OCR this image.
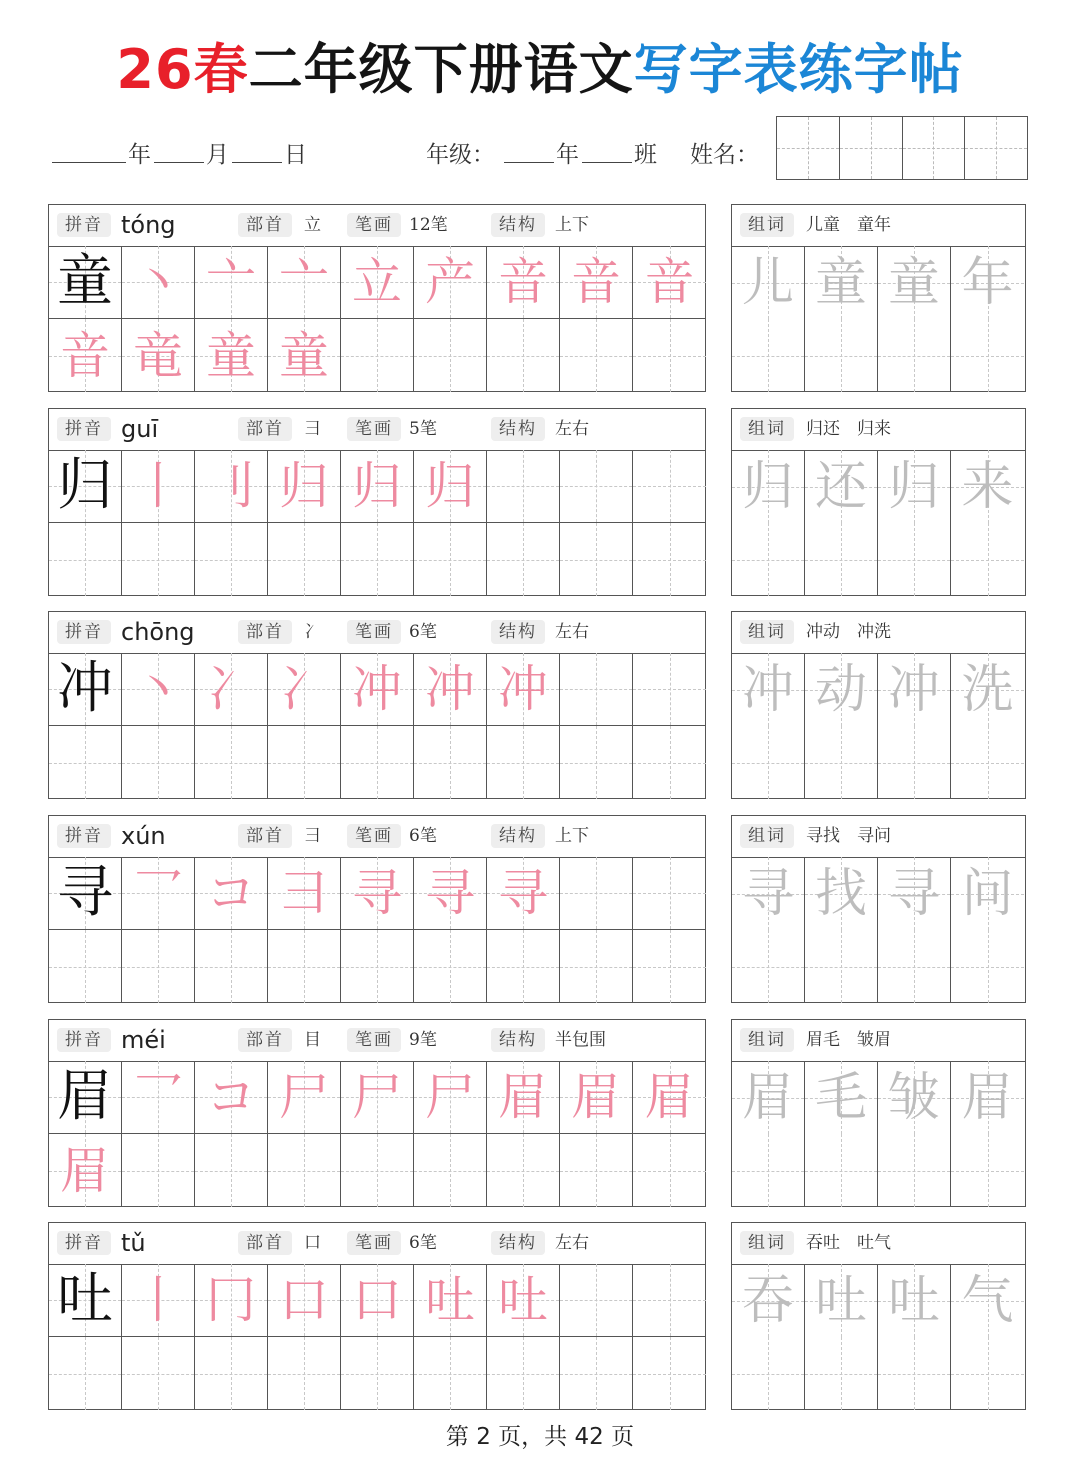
26春二年级下册语文写字表练字帖
年 月 日	年级：	年 班 姓名：
拼音 tóng	部首	立	笔画 12笔	结构	上下
童 丶 亠 亠 立 产 音 音 音
音 竜 童 童
组词	儿童　童年
儿 童 童 年
拼音 guī	部首	彐	笔画 5笔	结构	左右
归 丨 刂 归 归 归
组词	归还　归来
归 还 归 来
拼音 chōng	部首	冫	笔画 6笔	结构	左右
冲 丶 冫 冫 冲 冲 冲
组词	冲动　冲洗
冲 动 冲 洗
拼音 xún	部首	彐	笔画 6笔	结构	上下
寻 乛 コ 彐 寻 寻 寻
组词	寻找　寻问
寻 找 寻 问
拼音 méi	部首	目	笔画 9笔	结构	半包围
眉 乛 コ 尸 尸 尸 眉 眉 眉
眉
组词	眉毛　皱眉
眉 毛 皱 眉
拼音 tǔ	部首	口	笔画 6笔	结构	左右
吐 丨 冂 口 口 吐 吐
组词	吞吐　吐气
吞 吐 吐 气
第 2 页，共 42 页
